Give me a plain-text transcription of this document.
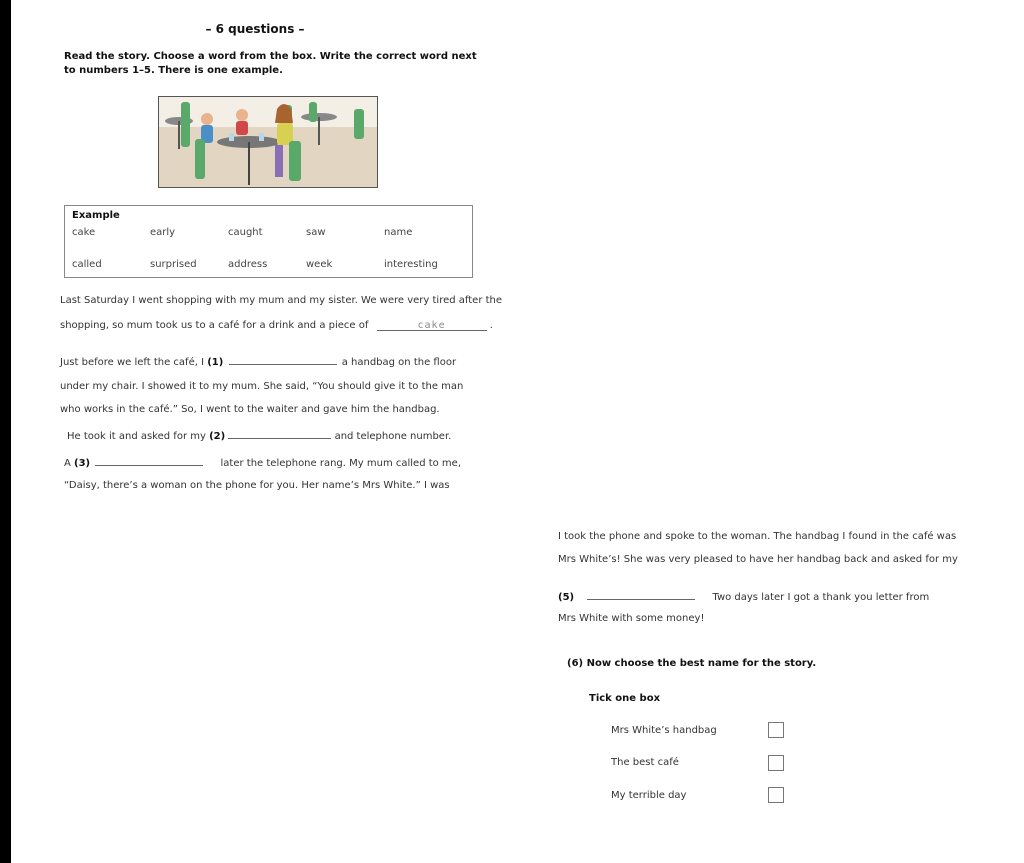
– 6 questions –
Read the story. Choose a word from the box. Write the correct word next to numbers 1–5. There is one example.
Example
cake	early	caught	saw	name
called	surprised	address	week	interesting
Last Saturday I went shopping with my mum and my sister. We were very tired after the
shopping, so mum took us to a café for a drink and a piece of	cake	.
Just before we left the café, I (1)	a handbag on the floor
under my chair. I showed it to my mum. She said, “You should give it to the man
who works in the café.” So, I went to the waiter and gave him the handbag.
He took it and asked for my (2)	and telephone number.
A (3)	later the telephone rang. My mum called to me,
“Daisy, there’s a woman on the phone for you. Her name’s Mrs White.” I was
I took the phone and spoke to the woman. The handbag I found in the café was
Mrs White’s! She was very pleased to have her handbag back and asked for my
(5)	Two days later I got a thank you letter from
Mrs White with some money!
(6) Now choose the best name for the story.
Tick one box
Mrs White’s handbag
The best café
My terrible day
